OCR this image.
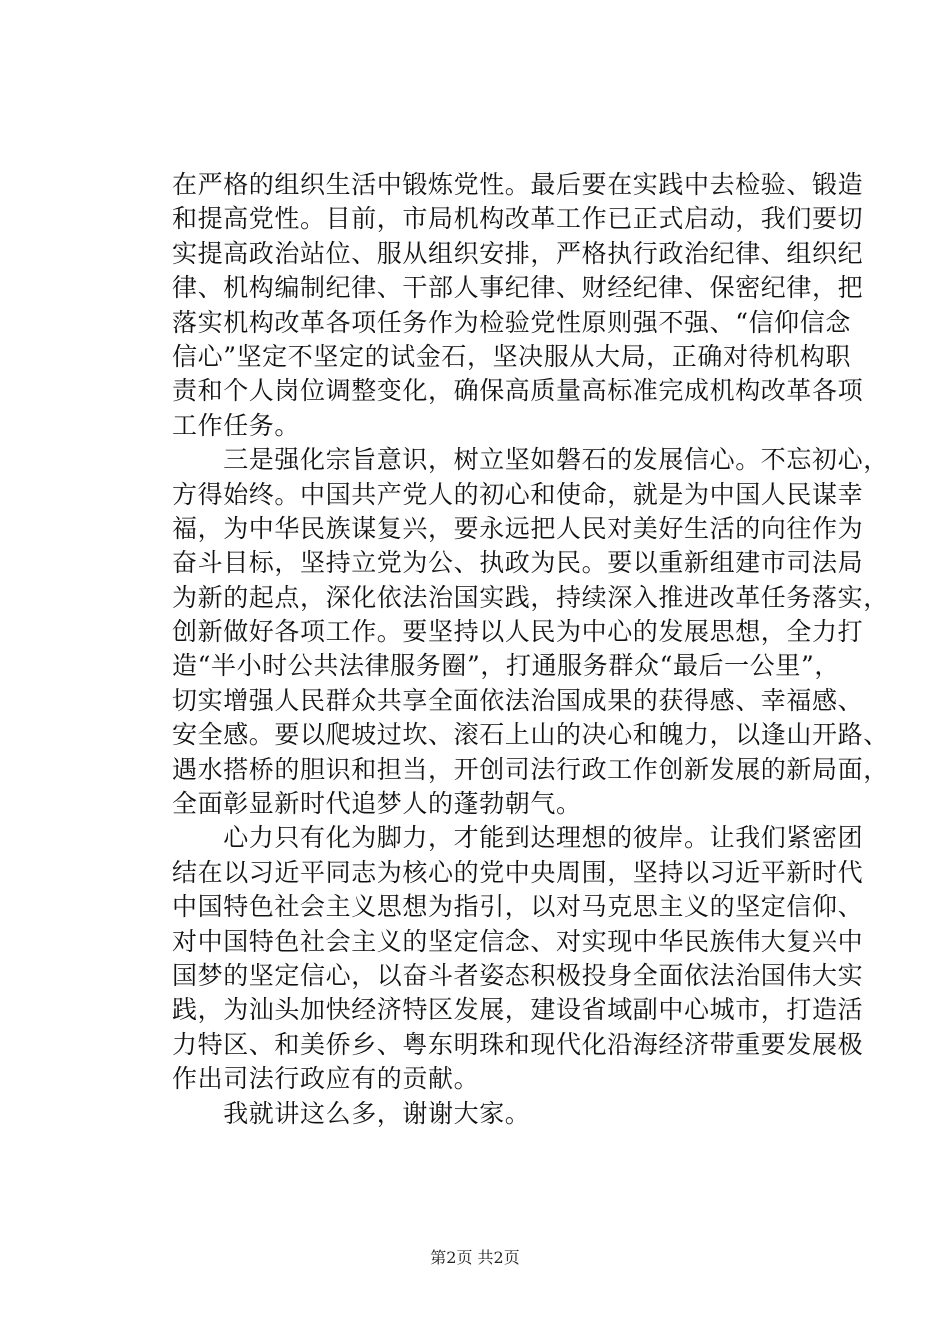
在严格的组织生活中锻炼党性。最后要在实践中去检验、锻造
和提高党性。目前，市局机构改革工作已正式启动，我们要切
实提高政治站位、服从组织安排，严格执行政治纪律、组织纪
律、机构编制纪律、干部人事纪律、财经纪律、保密纪律，把
落实机构改革各项任务作为检验党性原则强不强、“信仰信念
信心”坚定不坚定的试金石，坚决服从大局，正确对待机构职
责和个人岗位调整变化，确保高质量高标准完成机构改革各项
工作任务。
　　三是强化宗旨意识，树立坚如磐石的发展信心。不忘初心，
方得始终。中国共产党人的初心和使命，就是为中国人民谋幸
福，为中华民族谋复兴，要永远把人民对美好生活的向往作为
奋斗目标，坚持立党为公、执政为民。要以重新组建市司法局
为新的起点，深化依法治国实践，持续深入推进改革任务落实，
创新做好各项工作。要坚持以人民为中心的发展思想，全力打
造“半小时公共法律服务圈”，打通服务群众“最后一公里”，
切实增强人民群众共享全面依法治国成果的获得感、幸福感、
安全感。要以爬坡过坎、滚石上山的决心和魄力，以逢山开路、
遇水搭桥的胆识和担当，开创司法行政工作创新发展的新局面，
全面彰显新时代追梦人的蓬勃朝气。
　　心力只有化为脚力，才能到达理想的彼岸。让我们紧密团
结在以习近平同志为核心的党中央周围，坚持以习近平新时代
中国特色社会主义思想为指引，以对马克思主义的坚定信仰、
对中国特色社会主义的坚定信念、对实现中华民族伟大复兴中
国梦的坚定信心，以奋斗者姿态积极投身全面依法治国伟大实
践，为汕头加快经济特区发展，建设省域副中心城市，打造活
力特区、和美侨乡、粤东明珠和现代化沿海经济带重要发展极
作出司法行政应有的贡献。
　　我就讲这么多，谢谢大家。
第2页 共2页
